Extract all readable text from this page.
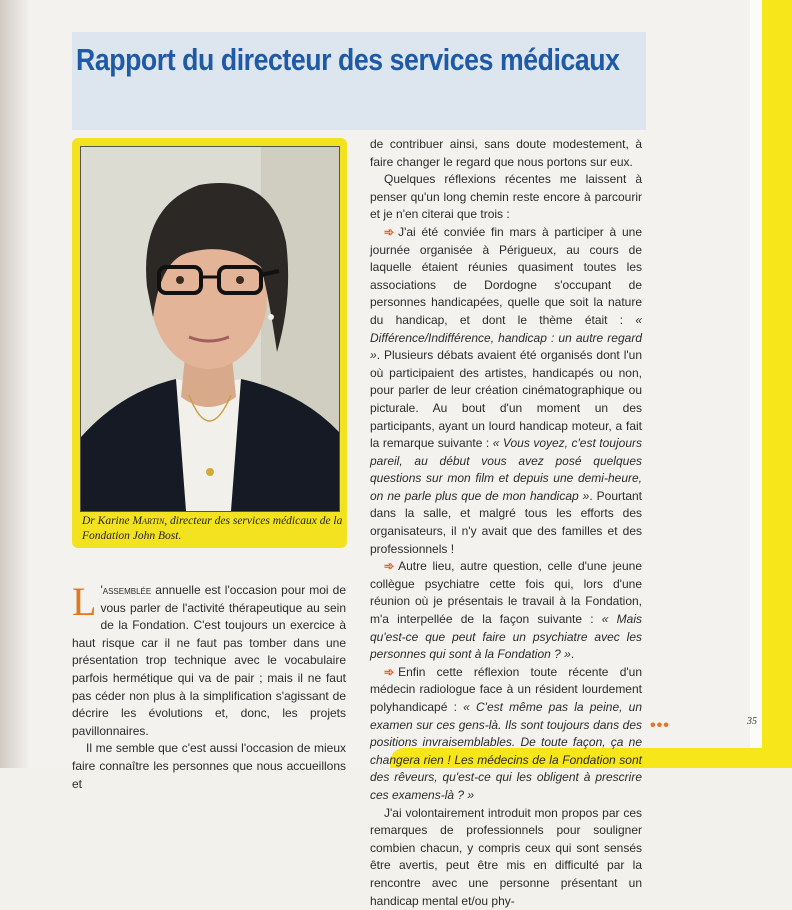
Rapport du directeur des services médicaux
Dr Karine Martin, directeur des services médicaux de la Fondation John Bost.

L 'assemblée annuelle est l'occasion pour moi de vous parler de l'activité thérapeutique au sein de la Fondation. C'est toujours un exercice à haut risque car il ne faut pas tomber dans une présentation trop technique avec le vocabulaire parfois hermétique qui va de pair ; mais il ne faut pas céder non plus à la simplification s'agissant de décrire les évolutions et, donc, les projets pavillonnaires.

Il me semble que c'est aussi l'occasion de mieux faire connaître les personnes que nous accueillons et

de contribuer ainsi, sans doute modestement, à faire changer le regard que nous portons sur eux.

Quelques réflexions récentes me laissent à penser qu'un long chemin reste encore à parcourir et je n'en citerai que trois :

➾ J'ai été conviée fin mars à participer à une journée organisée à Périgueux, au cours de laquelle étaient réunies quasiment toutes les associations de Dordogne s'occupant de personnes handicapées, quelle que soit la nature du handicap, et dont le thème était : « Différence/Indifférence, handicap : un autre regard ». Plusieurs débats avaient été organisés dont l'un où participaient des artistes, handicapés ou non, pour parler de leur création cinématographique ou picturale. Au bout d'un moment un des participants, ayant un lourd handicap moteur, a fait la remarque suivante : « Vous voyez, c'est toujours pareil, au début vous avez posé quelques questions sur mon film et depuis une demi-heure, on ne parle plus que de mon handicap ». Pourtant dans la salle, et malgré tous les efforts des organisateurs, il n'y avait que des familles et des professionnels !

➾ Autre lieu, autre question, celle d'une jeune collègue psychiatre cette fois qui, lors d'une réunion où je présentais le travail à la Fondation, m'a interpellée de la façon suivante : « Mais qu'est-ce que peut faire un psychiatre avec les personnes qui sont à la Fondation ? ».

➾ Enfin cette réflexion toute récente d'un médecin radiologue face à un résident lourdement polyhandicapé : « C'est même pas la peine, un examen sur ces gens-là. Ils sont toujours dans des positions invraisemblables. De toute façon, ça ne changera rien ! Les médecins de la Fondation sont des rêveurs, qu'est-ce qui les obligent à prescrire ces examens-là ? »

J'ai volontairement introduit mon propos par ces remarques de professionnels pour souligner combien chacun, y compris ceux qui sont sensés être avertis, peut être mis en difficulté par la rencontre avec une personne présentant un handicap mental et/ou phy-

•••	35
